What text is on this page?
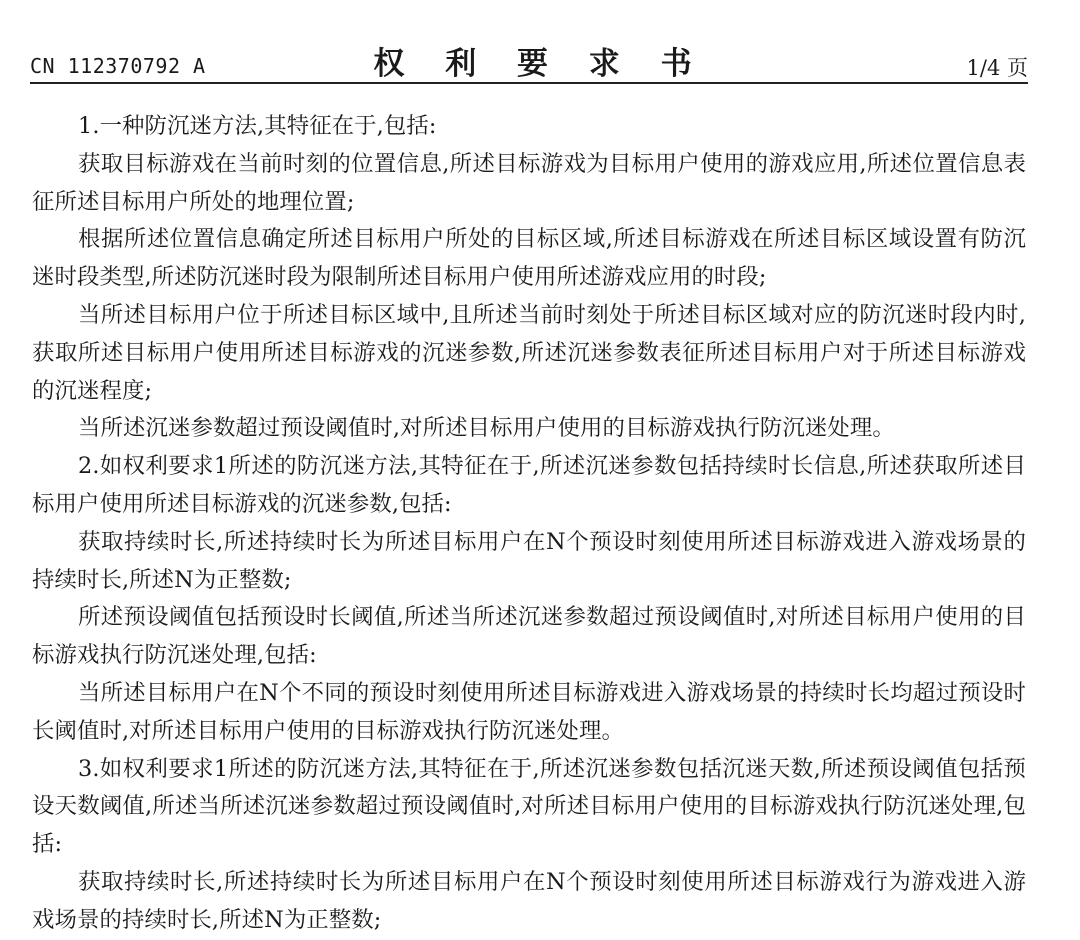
CN 112370792 A	权 利 要 求 书	1/4 页

1.一种防沉迷方法,其特征在于,包括:

获取目标游戏在当前时刻的位置信息,所述目标游戏为目标用户使用的游戏应用,所述位置信息表征所述目标用户所处的地理位置;

根据所述位置信息确定所述目标用户所处的目标区域,所述目标游戏在所述目标区域设置有防沉迷时段类型,所述防沉迷时段为限制所述目标用户使用所述游戏应用的时段;

当所述目标用户位于所述目标区域中,且所述当前时刻处于所述目标区域对应的防沉迷时段内时,获取所述目标用户使用所述目标游戏的沉迷参数,所述沉迷参数表征所述目标用户对于所述目标游戏的沉迷程度;

当所述沉迷参数超过预设阈值时,对所述目标用户使用的目标游戏执行防沉迷处理。

2.如权利要求1所述的防沉迷方法,其特征在于,所述沉迷参数包括持续时长信息,所述获取所述目标用户使用所述目标游戏的沉迷参数,包括:

获取持续时长,所述持续时长为所述目标用户在N个预设时刻使用所述目标游戏进入游戏场景的持续时长,所述N为正整数;

所述预设阈值包括预设时长阈值,所述当所述沉迷参数超过预设阈值时,对所述目标用户使用的目标游戏执行防沉迷处理,包括:

当所述目标用户在N个不同的预设时刻使用所述目标游戏进入游戏场景的持续时长均超过预设时长阈值时,对所述目标用户使用的目标游戏执行防沉迷处理。

3.如权利要求1所述的防沉迷方法,其特征在于,所述沉迷参数包括沉迷天数,所述预设阈值包括预设天数阈值,所述当所述沉迷参数超过预设阈值时,对所述目标用户使用的目标游戏执行防沉迷处理,包括:

获取持续时长,所述持续时长为所述目标用户在N个预设时刻使用所述目标游戏行为游戏进入游戏场景的持续时长,所述N为正整数;
